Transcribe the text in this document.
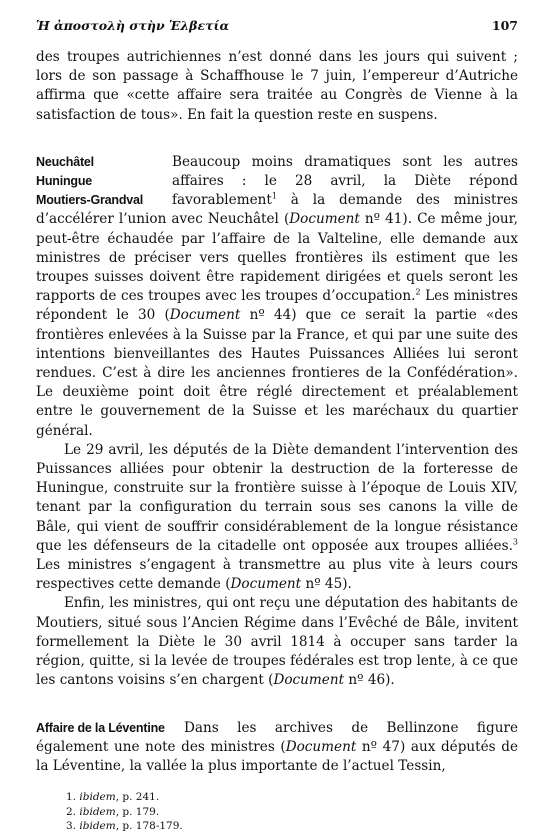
Ἡ ἀποστολὴ στὴν Ἑλβετία	107

des troupes autrichiennes n’est donné dans les jours qui suivent ; lors de son passage à Schaffhouse le 7 juin, l’empereur d’Autriche affirma que «cette affaire sera traitée au Congrès de Vienne à la satisfaction de tous». En fait la question reste en suspens.

Neuchâtel
Huningue
Moutiers-Grandval

Beaucoup moins dramatiques sont les autres affaires : le 28 avril, la Diète répond favorablement$^1$ à la demande des ministres d’accélérer l’union avec Neuchâtel (Document nº 41). Ce même jour, peut-être échaudée par l’affaire de la Valteline, elle demande aux ministres de préciser vers quelles frontières ils estiment que les troupes suisses doivent être rapidement dirigées et quels seront les rapports de ces troupes avec les troupes d’occupation.$^2$ Les ministres répondent le 30 (Document nº 44) que ce serait la partie «des frontières enlevées à la Suisse par la France, et qui par une suite des intentions bienveillantes des Hautes Puissances Alliées lui seront rendues. C’est à dire les anciennes frontieres de la Confédération». Le deuxième point doit être réglé directement et préalablement entre le gouvernement de la Suisse et les maréchaux du quartier général.

Le 29 avril, les députés de la Diète demandent l’intervention des Puissances alliées pour obtenir la destruction de la forteresse de Huningue, construite sur la frontière suisse à l’époque de Louis XIV, tenant par la configuration du terrain sous ses canons la ville de Bâle, qui vient de souffrir considérablement de la longue résistance que les défenseurs de la citadelle ont opposée aux troupes alliées.$^3$ Les ministres s’engagent à transmettre au plus vite à leurs cours respectives cette demande (Document nº 45).

Enfin, les ministres, qui ont reçu une députation des habitants de Moutiers, situé sous l’Ancien Régime dans l’Evêché de Bâle, invitent formellement la Diète le 30 avril 1814 à occuper sans tarder la région, quitte, si la levée de troupes fédérales est trop lente, à ce que les cantons voisins s’en chargent (Document nº 46).

Affaire de la Léventine	Dans les archives de Bellinzone figure également une note des ministres (Document nº 47) aux députés de la Léventine, la vallée la plus importante de l’actuel Tessin,

1. ibidem, p. 241.
2. ibidem, p. 179.
3. ibidem, p. 178-179.
